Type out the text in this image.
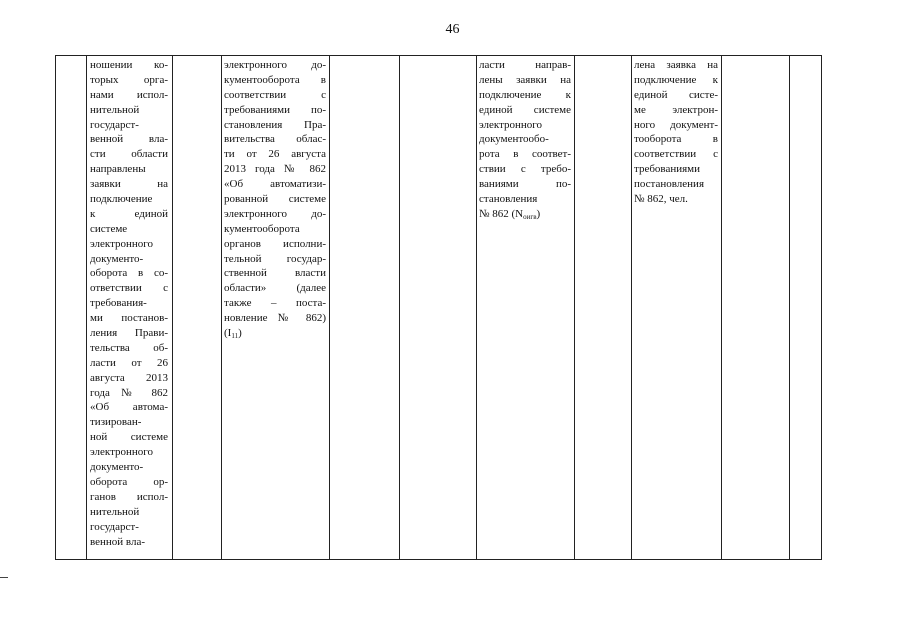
46
ношении ко-
торых орга-
нами испол-
нительной
государст-
венной вла-
сти области
направлены
заявки на
подключение
к единой
системе
электронного
документо-
оборота в со-
ответствии с
требования-
ми постанов-
ления Прави-
тельства об-
ласти от 26
августа 2013
года № 862
«Об автома-
тизирован-
ной системе
электронного
документо-
оборота ор-
ганов испол-
нительной
государст-
венной вла-
электронного до-
кументооборота в
соответствии с
требованиями по-
становления Пра-
вительства облас-
ти от 26 августа
2013 года № 862
«Об автоматизи-
рованной системе
электронного до-
кументооборота
органов исполни-
тельной государ-
ственной власти
области» (далее
также – поста-
новление № 862)
$(I_{11})$
ласти направ-
лены заявки на
подключение к
единой системе
электронного
документообо-
рота в соответ-
ствии с требо-
ваниями по-
становления
№ 862 $(N_{оигв})$
лена заявка на
подключение к
единой систе-
ме электрон-
ного документ-
тооборота в
соответствии с
требованиями
постановления
№ 862, чел.
